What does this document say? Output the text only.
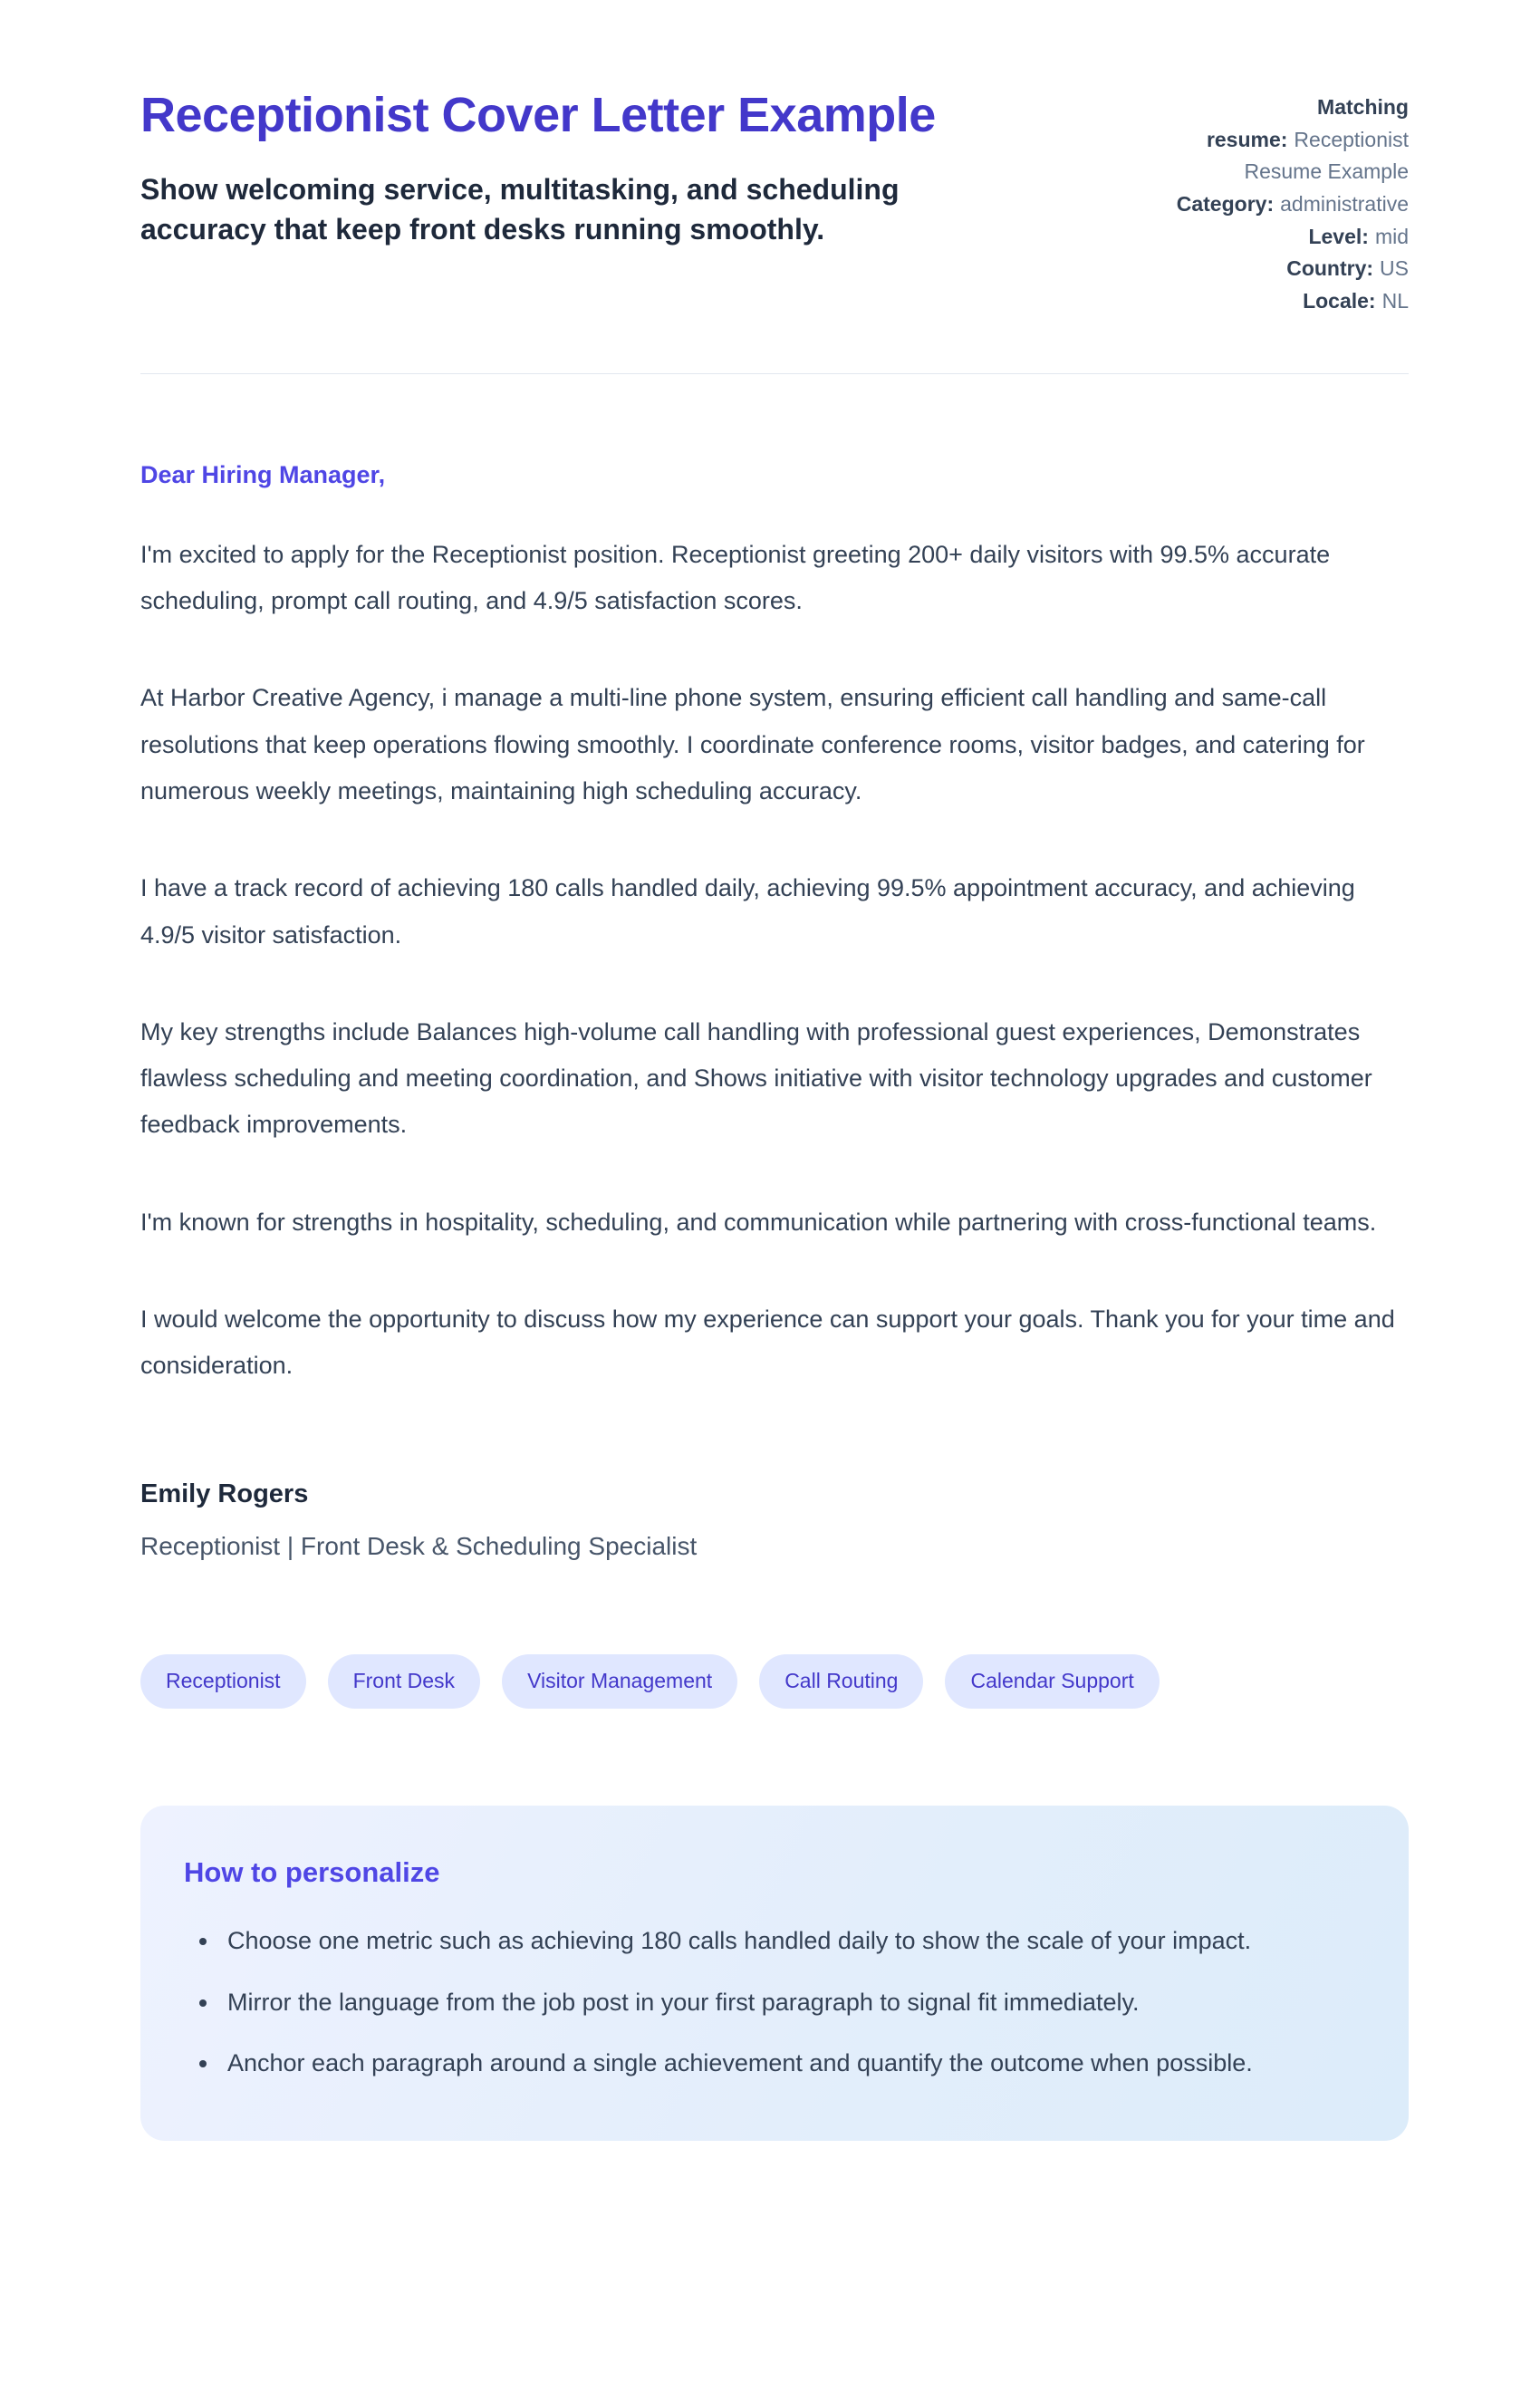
Receptionist Cover Letter Example

Show welcoming service, multitasking, and scheduling accuracy that keep front desks running smoothly.

Matching resume: Receptionist Resume Example
Category: administrative
Level: mid
Country: US
Locale: NL

Dear Hiring Manager,

I'm excited to apply for the Receptionist position. Receptionist greeting 200+ daily visitors with 99.5% accurate scheduling, prompt call routing, and 4.9/5 satisfaction scores.

At Harbor Creative Agency, i manage a multi-line phone system, ensuring efficient call handling and same-call resolutions that keep operations flowing smoothly. I coordinate conference rooms, visitor badges, and catering for numerous weekly meetings, maintaining high scheduling accuracy.

I have a track record of achieving 180 calls handled daily, achieving 99.5% appointment accuracy, and achieving 4.9/5 visitor satisfaction.

My key strengths include Balances high-volume call handling with professional guest experiences, Demonstrates flawless scheduling and meeting coordination, and Shows initiative with visitor technology upgrades and customer feedback improvements.

I'm known for strengths in hospitality, scheduling, and communication while partnering with cross-functional teams.

I would welcome the opportunity to discuss how my experience can support your goals. Thank you for your time and consideration.

Emily Rogers

Receptionist | Front Desk & Scheduling Specialist

Receptionist	Front Desk	Visitor Management	Call Routing	Calendar Support
How to personalize
• Choose one metric such as achieving 180 calls handled daily to show the scale of your impact.
• Mirror the language from the job post in your first paragraph to signal fit immediately.
• Anchor each paragraph around a single achievement and quantify the outcome when possible.
